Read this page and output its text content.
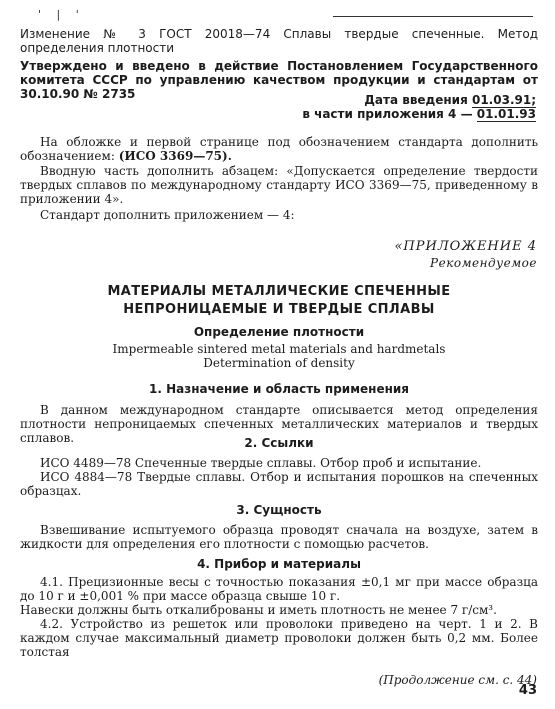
' | '
Изменение № 3 ГОСТ 20018—74 Сплавы твердые спеченные. Метод определения плотности
Утверждено и введено в действие Постановлением Государственного комитета СССР по управлению качеством продукции и стандартам от 30.10.90 № 2735	Дата введения 01.03.91;
в части приложения 4 — 01.01.93
На обложке и первой странице под обозначением стандарта дополнить обозначением: (ИСО 3369—75).
Вводную часть дополнить абзацем: «Допускается определение твердости твердых сплавов по международному стандарту ИСО 3369—75, приведенному в приложении 4».
Стандарт дополнить приложением — 4:
«ПРИЛОЖЕНИЕ 4
Рекомендуемое
МАТЕРИАЛЫ МЕТАЛЛИЧЕСКИЕ СПЕЧЕННЫЕ
НЕПРОНИЦАЕМЫЕ И ТВЕРДЫЕ СПЛАВЫ
Определение плотности
Impermeable sintered metal materials and hardmetals
Determination of density
1. Назначение и область применения
В данном международном стандарте описывается метод определения плотности непроницаемых спеченных металлических материалов и твердых сплавов.	2. Ссылки
ИСО 4489—78 Спеченные твердые сплавы. Отбор проб и испытание.
ИСО 4884—78 Твердые сплавы. Отбор и испытания порошков на спеченных образцах.
3. Сущность
Взвешивание испытуемого образца проводят сначала на воздухе, затем в жидкости для определения его плотности с помощью расчетов.
4. Прибор и материалы
4.1. Прецизионные весы с точностью показания ±0,1 мг при массе образца до 10 г и ±0,001 % при массе образца свыше 10 г.
Навески должны быть откалиброваны и иметь плотность не менее 7 г/см³.
4.2. Устройство из решеток или проволоки приведено на черт. 1 и 2. В каждом случае максимальный диаметр проволоки должен быть 0,2 мм. Более толстая
(Продолжение см. с. 44)
43
